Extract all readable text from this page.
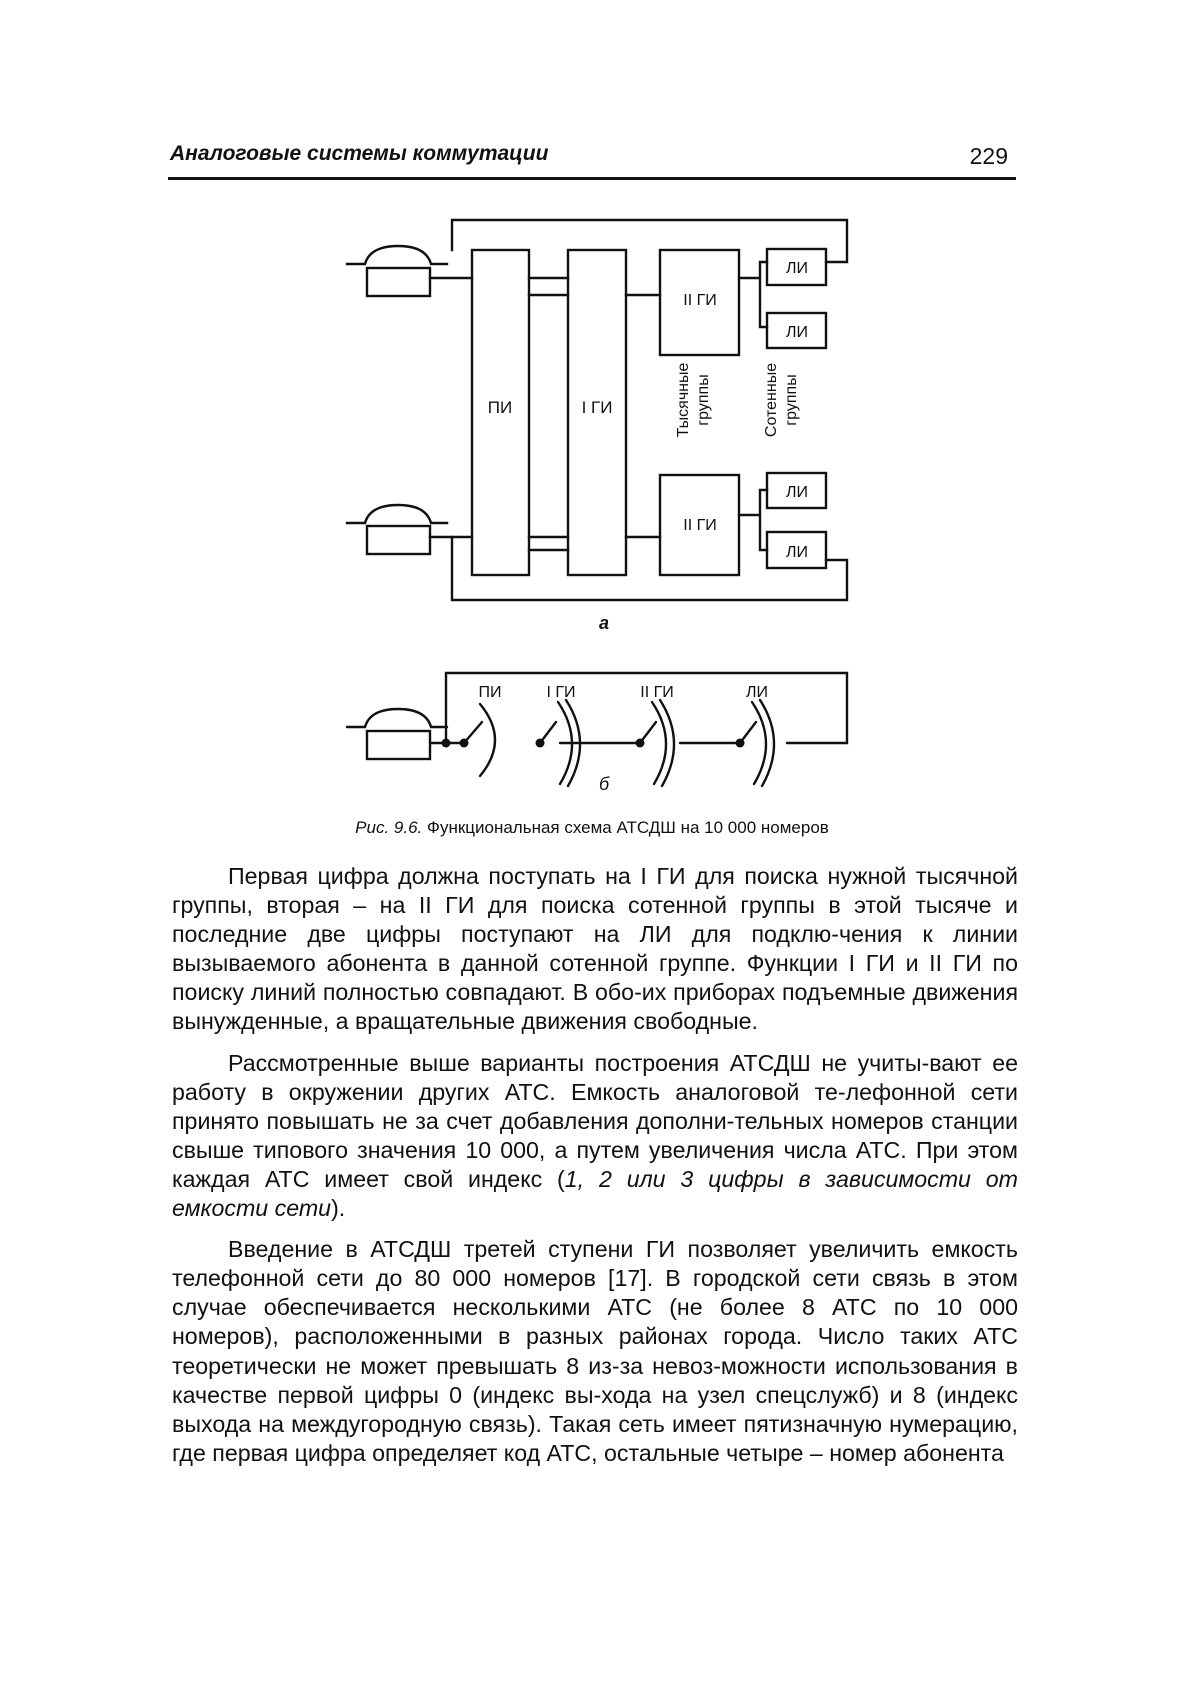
Аналоговые системы коммутации	229
ПИ	I ГИ
II ГИ
II ГИ
ЛИ
ЛИ
ЛИ
ЛИ
Тысячные группы	Сотенные группы
а
ПИ	I ГИ	II ГИ	ЛИ
б
Рис. 9.6. Функциональная схема АТСДШ на 10 000 номеров

Первая цифра должна поступать на I ГИ для поиска нужной тысячной группы, вторая – на II ГИ для поиска сотенной группы в этой тысяче и последние две цифры поступают на ЛИ для подклю-чения к линии вызываемого абонента в данной сотенной группе. Функции I ГИ и II ГИ по поиску линий полностью совпадают. В обо-их приборах подъемные движения вынужденные, а вращательные движения свободные.

Рассмотренные выше варианты построения АТСДШ не учиты-вают ее работу в окружении других АТС. Емкость аналоговой те-лефонной сети принято повышать не за счет добавления дополни-тельных номеров станции свыше типового значения 10 000, а путем увеличения числа АТС. При этом каждая АТС имеет свой индекс (1, 2 или 3 цифры в зависимости от емкости сети).

Введение в АТСДШ третей ступени ГИ позволяет увеличить емкость телефонной сети до 80 000 номеров [17]. В городской сети связь в этом случае обеспечивается несколькими АТС (не более 8 АТС по 10 000 номеров), расположенными в разных районах города. Число таких АТС теоретически не может превышать 8 из-за невоз-можности использования в качестве первой цифры 0 (индекс вы-хода на узел спецслужб) и 8 (индекс выхода на междугородную связь). Такая сеть имеет пятизначную нумерацию, где первая цифра определяет код АТС, остальные четыре – номер абонента
